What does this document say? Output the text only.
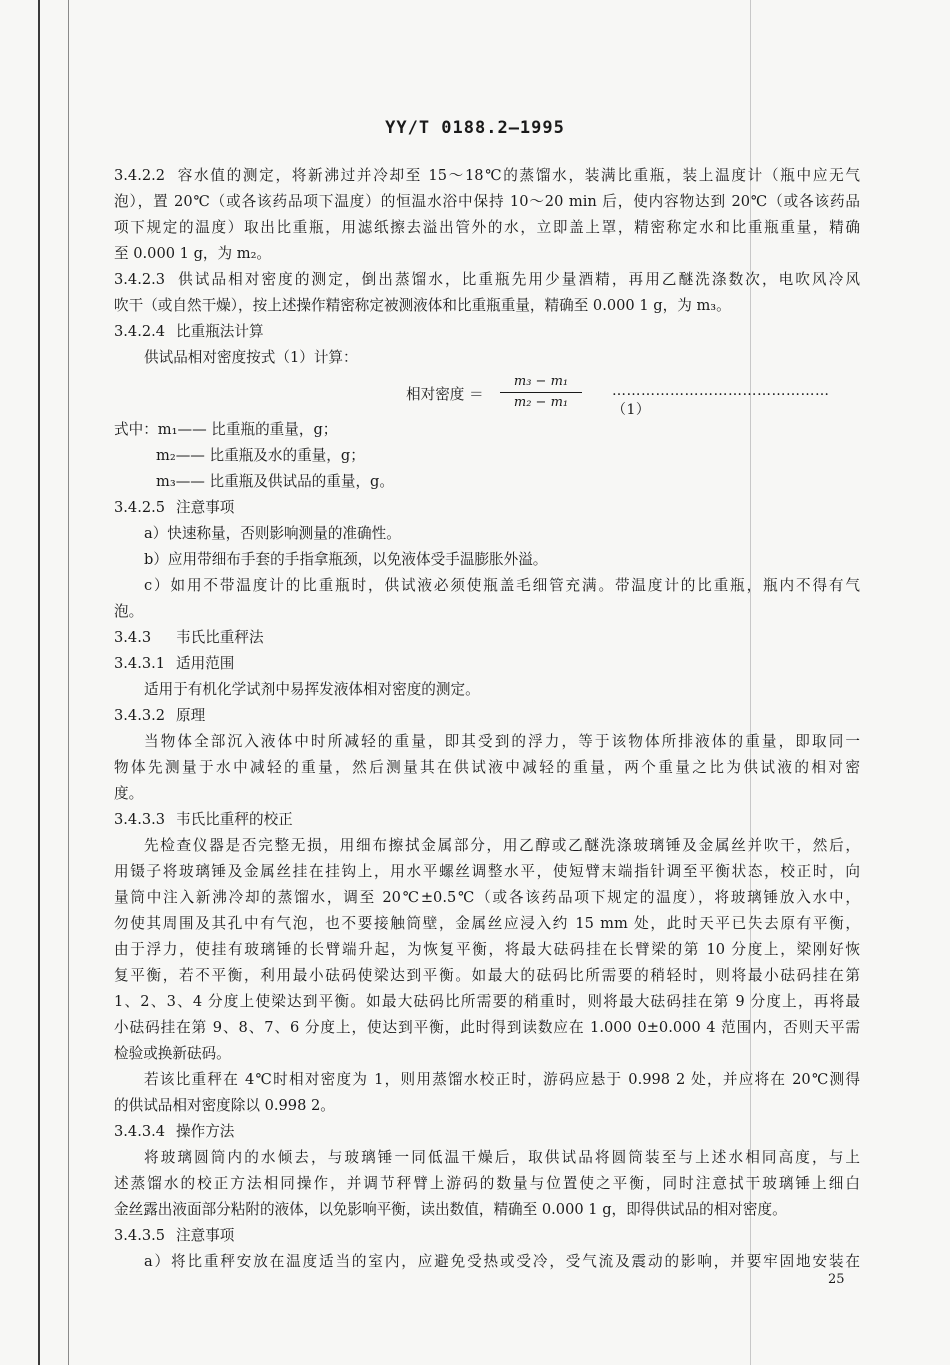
YY/T 0188.2—1995
3.4.2.2 容水值的测定，将新沸过并冷却至 15～18℃的蒸馏水，装满比重瓶，装上温度计（瓶中应无气
泡），置 20℃（或各该药品项下温度）的恒温水浴中保持 10～20 min 后，使内容物达到 20℃（或各该药品
项下规定的温度）取出比重瓶，用滤纸擦去溢出管外的水，立即盖上罩，精密称定水和比重瓶重量，精确
至 0.000 1 g，为 m₂。
3.4.2.3 供试品相对密度的测定，倒出蒸馏水，比重瓶先用少量酒精，再用乙醚洗涤数次，电吹风冷风
吹干（或自然干燥），按上述操作精密称定被测液体和比重瓶重量，精确至 0.000 1 g，为 m₃。
3.4.2.4 比重瓶法计算
供试品相对密度按式（1）计算：
相对密度 ＝
m₃ − m₁
m₂ − m₁
………………………………………（1）
式中：m₁—— 比重瓶的重量，g；
m₂—— 比重瓶及水的重量，g；
m₃—— 比重瓶及供试品的重量，g。
3.4.2.5 注意事项
a）快速称量，否则影响测量的准确性。
b）应用带细布手套的手指拿瓶颈，以免液体受手温膨胀外溢。
c）如用不带温度计的比重瓶时，供试液必须使瓶盖毛细管充满。带温度计的比重瓶，瓶内不得有气
泡。
3.4.3 韦氏比重秤法
3.4.3.1 适用范围
适用于有机化学试剂中易挥发液体相对密度的测定。
3.4.3.2 原理
当物体全部沉入液体中时所减轻的重量，即其受到的浮力，等于该物体所排液体的重量，即取同一
物体先测量于水中减轻的重量，然后测量其在供试液中减轻的重量，两个重量之比为供试液的相对密
度。
3.4.3.3 韦氏比重秤的校正
先检查仪器是否完整无损，用细布擦拭金属部分，用乙醇或乙醚洗涤玻璃锤及金属丝并吹干，然后，
用镊子将玻璃锤及金属丝挂在挂钩上，用水平螺丝调整水平，使短臂末端指针调至平衡状态，校正时，向
量筒中注入新沸冷却的蒸馏水，调至 20℃±0.5℃（或各该药品项下规定的温度），将玻璃锤放入水中，
勿使其周围及其孔中有气泡，也不要接触筒壁，金属丝应浸入约 15 mm 处，此时天平已失去原有平衡，
由于浮力，使挂有玻璃锤的长臂端升起，为恢复平衡，将最大砝码挂在长臂梁的第 10 分度上，梁刚好恢
复平衡，若不平衡，利用最小砝码使梁达到平衡。如最大的砝码比所需要的稍轻时，则将最小砝码挂在第
1、2、3、4 分度上使梁达到平衡。如最大砝码比所需要的稍重时，则将最大砝码挂在第 9 分度上，再将最
小砝码挂在第 9、8、7、6 分度上，使达到平衡，此时得到读数应在 1.000 0±0.000 4 范围内，否则天平需
检验或换新砝码。
若该比重秤在 4℃时相对密度为 1，则用蒸馏水校正时，游码应悬于 0.998 2 处，并应将在 20℃测得
的供试品相对密度除以 0.998 2。
3.4.3.4 操作方法
将玻璃圆筒内的水倾去，与玻璃锤一同低温干燥后，取供试品将圆筒装至与上述水相同高度，与上
述蒸馏水的校正方法相同操作，并调节秤臂上游码的数量与位置使之平衡，同时注意拭干玻璃锤上细白
金丝露出液面部分粘附的液体，以免影响平衡，读出数值，精确至 0.000 1 g，即得供试品的相对密度。
3.4.3.5 注意事项
a）将比重秤安放在温度适当的室内，应避免受热或受冷，受气流及震动的影响，并要牢固地安装在
25
